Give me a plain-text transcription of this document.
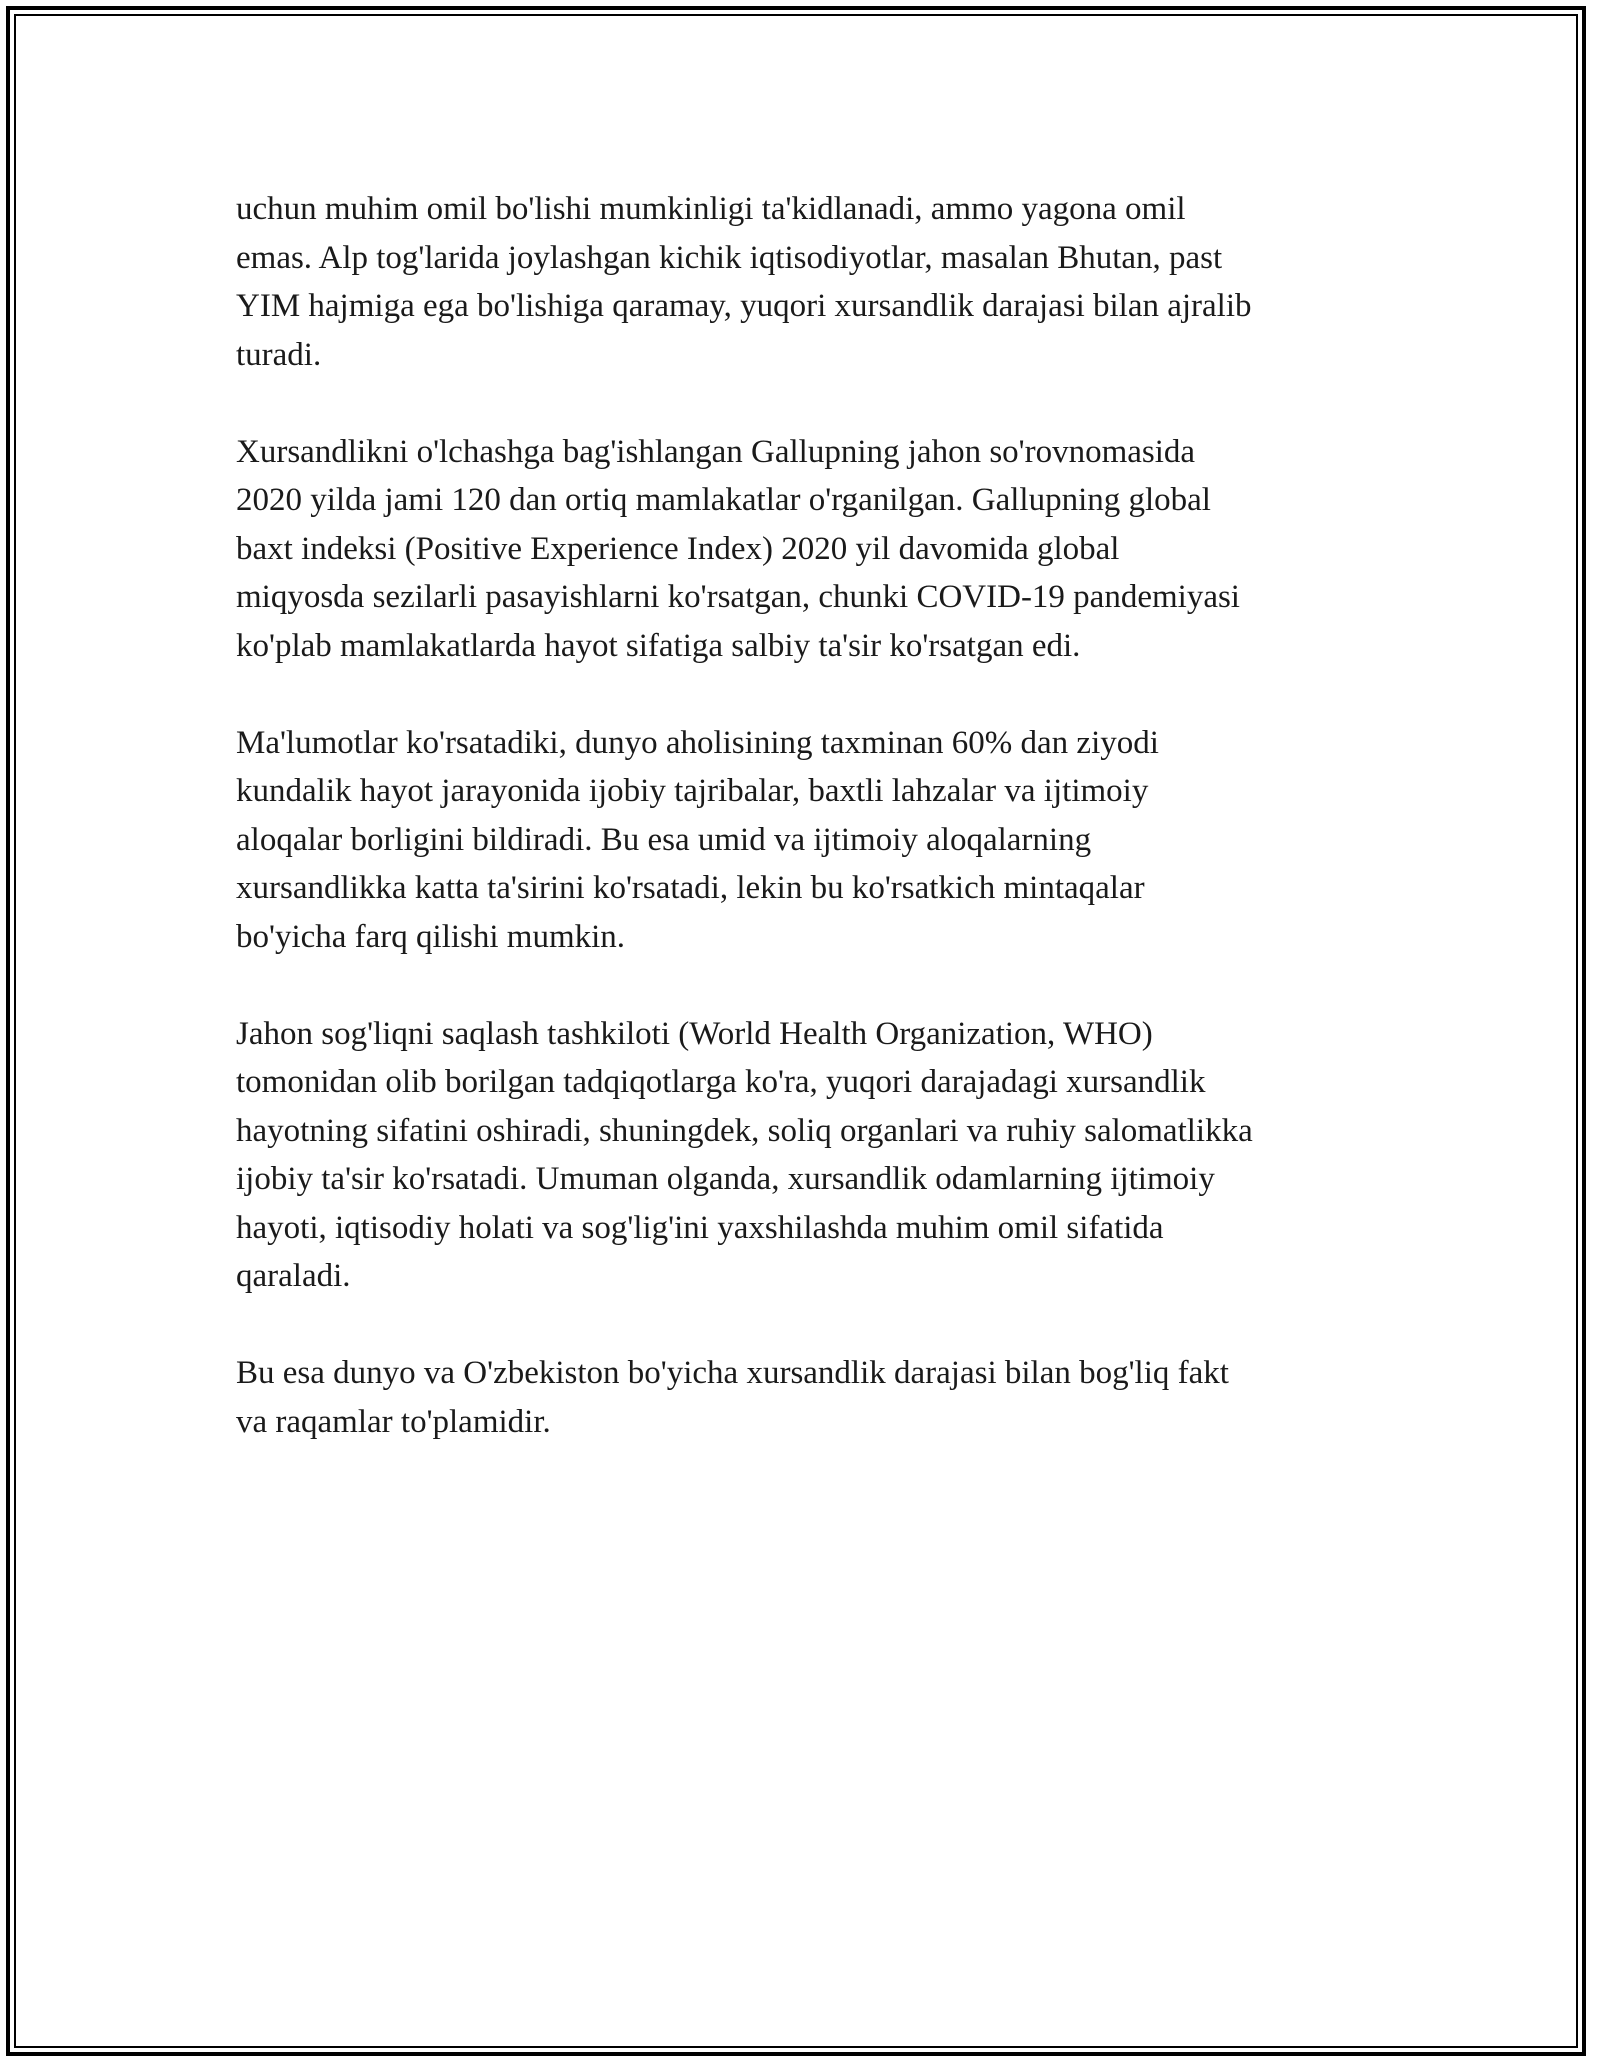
uchun muhim omil bo'lishi mumkinligi ta'kidlanadi, ammo yagona omil
emas. Alp tog'larida joylashgan kichik iqtisodiyotlar, masalan Bhutan, past
YIM hajmiga ega bo'lishiga qaramay, yuqori xursandlik darajasi bilan ajralib
turadi.

Xursandlikni o'lchashga bag'ishlangan Gallupning jahon so'rovnomasida
2020 yilda jami 120 dan ortiq mamlakatlar o'rganilgan. Gallupning global
baxt indeksi (Positive Experience Index) 2020 yil davomida global
miqyosda sezilarli pasayishlarni ko'rsatgan, chunki COVID-19 pandemiyasi
ko'plab mamlakatlarda hayot sifatiga salbiy ta'sir ko'rsatgan edi.

Ma'lumotlar ko'rsatadiki, dunyo aholisining taxminan 60% dan ziyodi
kundalik hayot jarayonida ijobiy tajribalar, baxtli lahzalar va ijtimoiy
aloqalar borligini bildiradi. Bu esa umid va ijtimoiy aloqalarning
xursandlikka katta ta'sirini ko'rsatadi, lekin bu ko'rsatkich mintaqalar
bo'yicha farq qilishi mumkin.

Jahon sog'liqni saqlash tashkiloti (World Health Organization, WHO)
tomonidan olib borilgan tadqiqotlarga ko'ra, yuqori darajadagi xursandlik
hayotning sifatini oshiradi, shuningdek, soliq organlari va ruhiy salomatlikka
ijobiy ta'sir ko'rsatadi. Umuman olganda, xursandlik odamlarning ijtimoiy
hayoti, iqtisodiy holati va sog'lig'ini yaxshilashda muhim omil sifatida
qaraladi.

Bu esa dunyo va O'zbekiston bo'yicha xursandlik darajasi bilan bog'liq fakt
va raqamlar to'plamidir.
